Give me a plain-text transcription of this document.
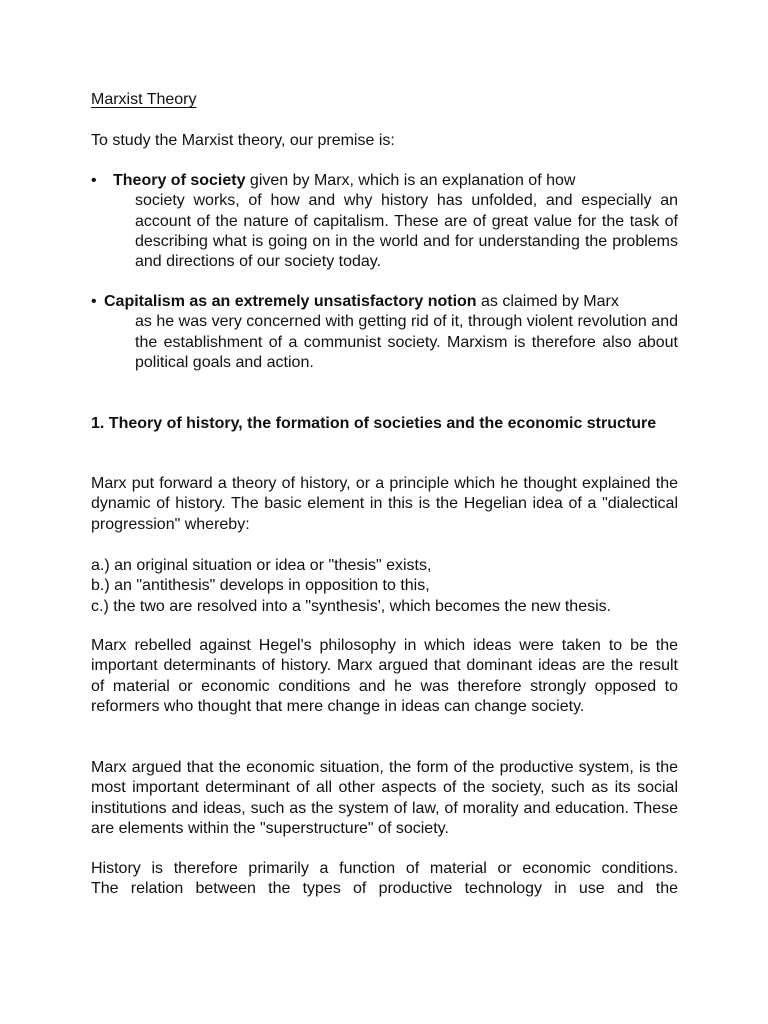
Marxist Theory
To study the Marxist theory, our premise is:
• Theory of society given by Marx, which is an explanation of how
society works, of how and why history has unfolded, and especially an account of the nature of capitalism. These are of great value for the task of describing what is going on in the world and for understanding the problems and directions of our society today.
• Capitalism as an extremely unsatisfactory notion as claimed by Marx
as he was very concerned with getting rid of it, through violent revolution and the establishment of a communist society. Marxism is therefore also about political goals and action.
1. Theory of history, the formation of societies and the economic structure
Marx put forward a theory of history, or a principle which he thought explained the dynamic of history. The basic element in this is the Hegelian idea of a "dialectical progression" whereby:
a.) an original situation or idea or "thesis" exists,
b.) an "antithesis" develops in opposition to this,
c.) the two are resolved into a "synthesis', which becomes the new thesis.
Marx rebelled against Hegel's philosophy in which ideas were taken to be the important determinants of history. Marx argued that dominant ideas are the result of material or economic conditions and he was therefore strongly opposed to reformers who thought that mere change in ideas can change society.
Marx argued that the economic situation, the form of the productive system, is the most important determinant of all other aspects of the society, such as its social institutions and ideas, such as the system of law, of morality and education. These are elements within the "superstructure" of society.
History is therefore primarily a function of material or economic conditions.
The relation between the types of productive technology in use and the
